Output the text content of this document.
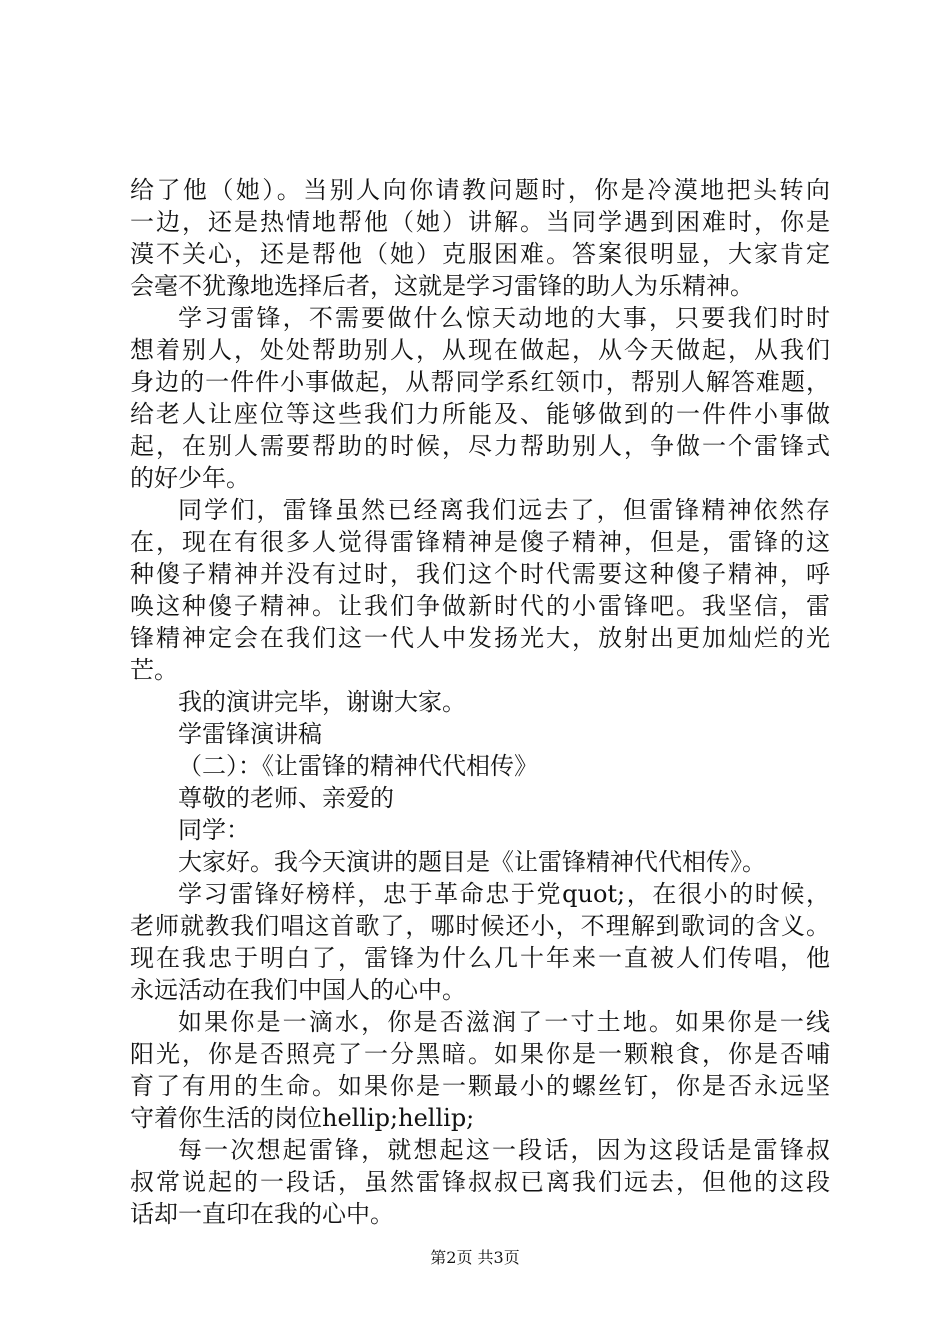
给了他（她）。当别人向你请教问题时，你是冷漠地把头转向
一边，还是热情地帮他（她）讲解。当同学遇到困难时，你是
漠不关心，还是帮他（她）克服困难。答案很明显，大家肯定
会毫不犹豫地选择后者，这就是学习雷锋的助人为乐精神。
学习雷锋，不需要做什么惊天动地的大事，只要我们时时
想着别人，处处帮助别人，从现在做起，从今天做起，从我们
身边的一件件小事做起，从帮同学系红领巾，帮别人解答难题，
给老人让座位等这些我们力所能及、能够做到的一件件小事做
起，在别人需要帮助的时候，尽力帮助别人，争做一个雷锋式
的好少年。
同学们，雷锋虽然已经离我们远去了，但雷锋精神依然存
在，现在有很多人觉得雷锋精神是傻子精神，但是，雷锋的这
种傻子精神并没有过时，我们这个时代需要这种傻子精神，呼
唤这种傻子精神。让我们争做新时代的小雷锋吧。我坚信，雷
锋精神定会在我们这一代人中发扬光大，放射出更加灿烂的光
芒。
我的演讲完毕，谢谢大家。
学雷锋演讲稿
（二）：《让雷锋的精神代代相传》
尊敬的老师、亲爱的
同学：
大家好。我今天演讲的题目是《让雷锋精神代代相传》。
学习雷锋好榜样，忠于革命忠于党quot;，在很小的时候，
老师就教我们唱这首歌了，哪时候还小，不理解到歌词的含义。
现在我忠于明白了，雷锋为什么几十年来一直被人们传唱，他
永远活动在我们中国人的心中。
如果你是一滴水，你是否滋润了一寸土地。如果你是一线
阳光，你是否照亮了一分黑暗。如果你是一颗粮食，你是否哺
育了有用的生命。如果你是一颗最小的螺丝钉，你是否永远坚
守着你生活的岗位hellip;hellip;
每一次想起雷锋，就想起这一段话，因为这段话是雷锋叔
叔常说起的一段话，虽然雷锋叔叔已离我们远去，但他的这段
话却一直印在我的心中。
第2页 共3页
